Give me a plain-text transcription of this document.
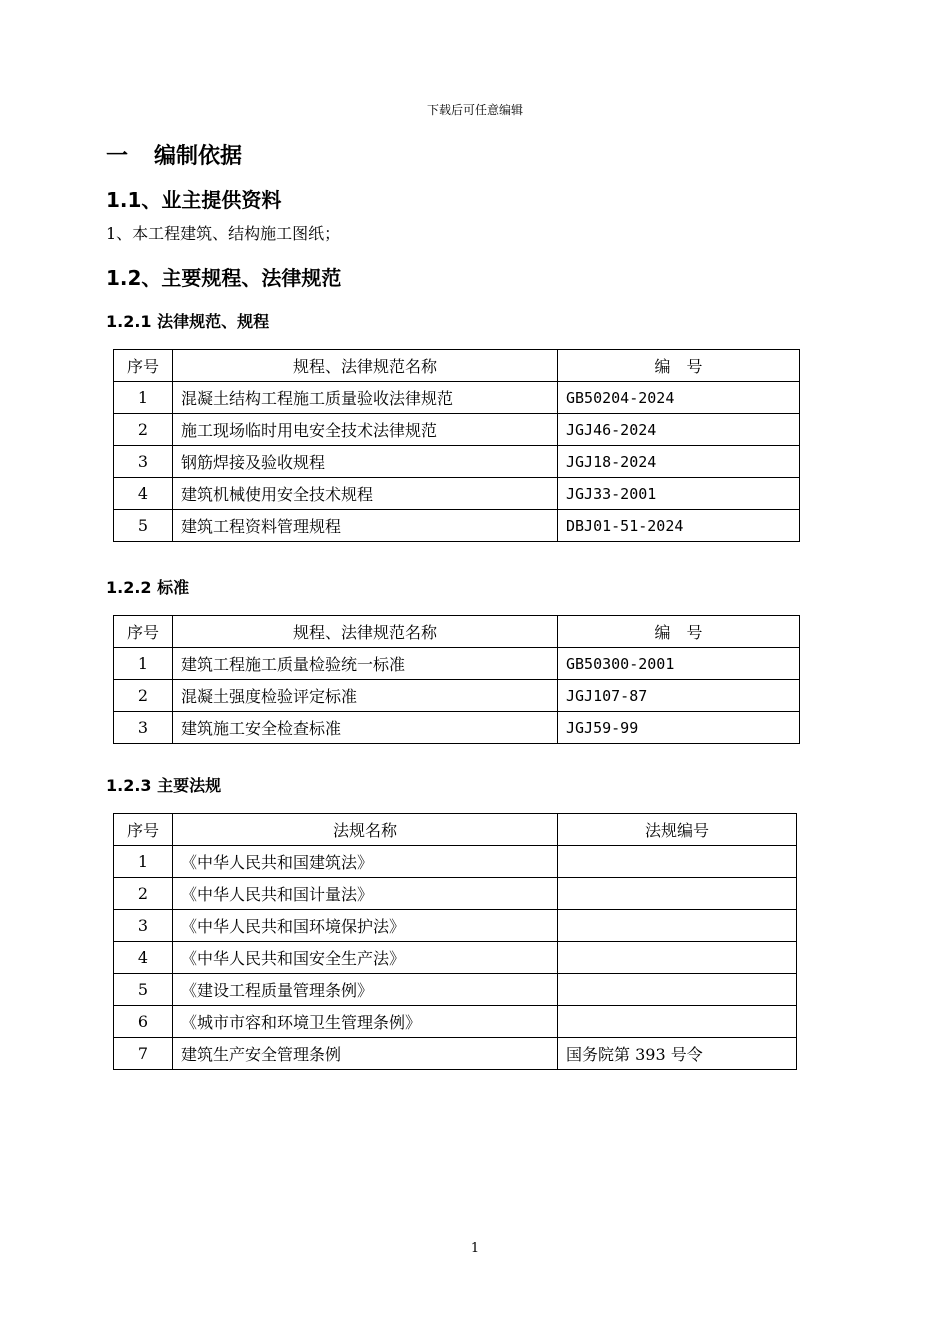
下载后可任意编辑
一 编制依据
1.1、业主提供资料
1、本工程建筑、结构施工图纸；
1.2、主要规程、法律规范
1.2.1 法律规范、规程
序号	规程、法律规范名称	编　号
1	混凝土结构工程施工质量验收法律规范	GB50204-2024
2	施工现场临时用电安全技术法律规范	JGJ46-2024
3	钢筋焊接及验收规程	JGJ18-2024
4	建筑机械使用安全技术规程	JGJ33-2001
5	建筑工程资料管理规程	DBJ01-51-2024
1.2.2 标准
序号	规程、法律规范名称	编　号
1	建筑工程施工质量检验统一标准	GB50300-2001
2	混凝土强度检验评定标准	JGJ107-87
3	建筑施工安全检查标准	JGJ59-99
1.2.3 主要法规
序号	法规名称	法规编号
1	《中华人民共和国建筑法》	
2	《中华人民共和国计量法》	
3	《中华人民共和国环境保护法》	
4	《中华人民共和国安全生产法》	
5	《建设工程质量管理条例》	
6	《城市市容和环境卫生管理条例》	
7	建筑生产安全管理条例	国务院第 393 号令
1
